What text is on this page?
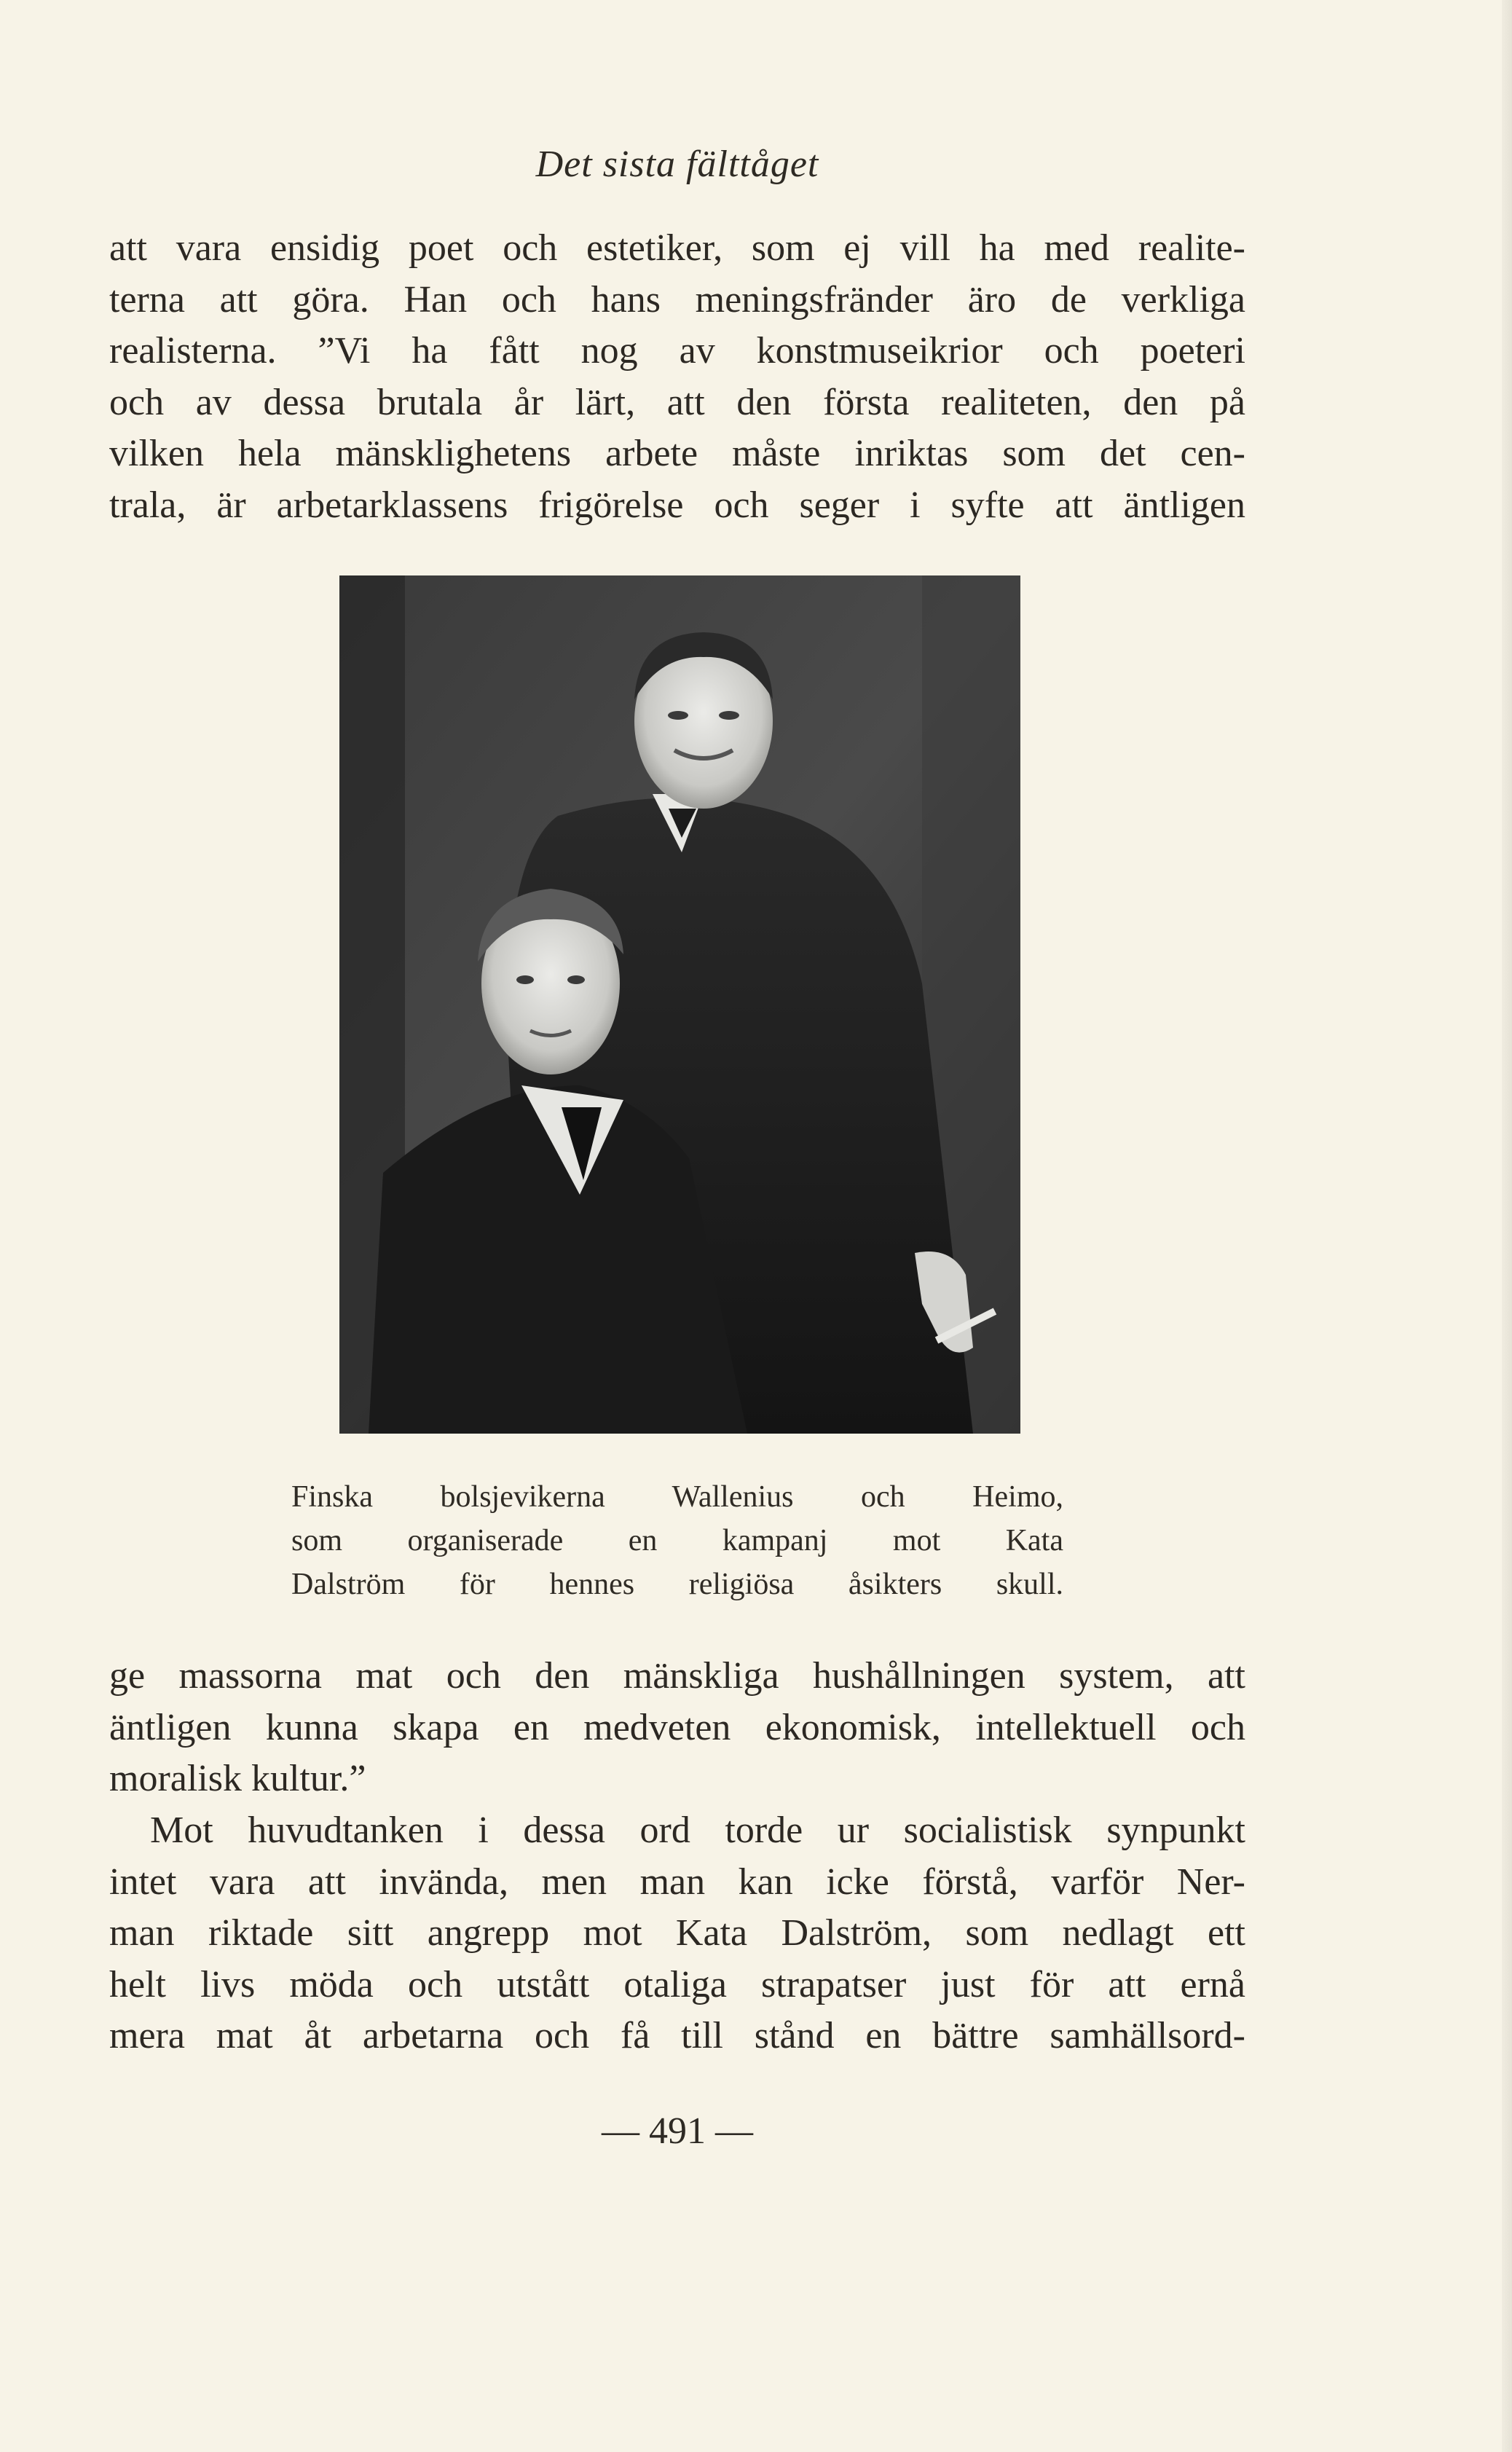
Det sista fälttåget
att vara ensidig poet och estetiker, som ej vill ha med realite-
terna att göra. Han och hans meningsfränder äro de verkliga
realisterna. ”Vi ha fått nog av konstmuseikrior och poeteri
och av dessa brutala år lärt, att den första realiteten, den på
vilken hela mänsklighetens arbete måste inriktas som det cen-
trala, är arbetarklassens frigörelse och seger i syfte att äntligen
Finska bolsjevikerna Wallenius och Heimo,
som organiserade en kampanj mot Kata
Dalström för hennes religiösa åsikters skull.
ge massorna mat och den mänskliga hushållningen system, att
äntligen kunna skapa en medveten ekonomisk, intellektuell och
moralisk kultur.”
Mot huvudtanken i dessa ord torde ur socialistisk synpunkt
intet vara att invända, men man kan icke förstå, varför Ner-
man riktade sitt angrepp mot Kata Dalström, som nedlagt ett
helt livs möda och utstått otaliga strapatser just för att ernå
mera mat åt arbetarna och få till stånd en bättre samhällsord-
— 491 —
